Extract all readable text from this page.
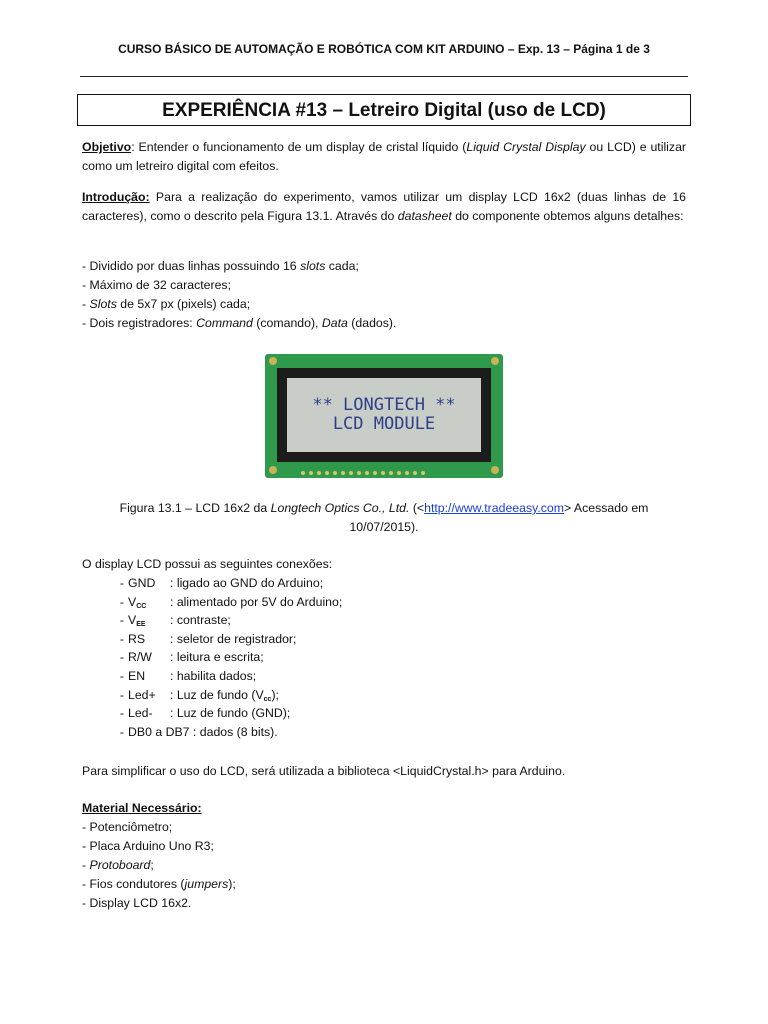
CURSO BÁSICO DE AUTOMAÇÃO E ROBÓTICA COM KIT ARDUINO – Exp. 13 – Página 1 de 3
EXPERIÊNCIA #13 – Letreiro Digital (uso de LCD)
Objetivo: Entender o funcionamento de um display de cristal líquido (Liquid Crystal Display ou LCD) e utilizar como um letreiro digital com efeitos.
Introdução: Para a realização do experimento, vamos utilizar um display LCD 16x2 (duas linhas de 16 caracteres), como o descrito pela Figura 13.1. Através do datasheet do componente obtemos alguns detalhes:
- Dividido por duas linhas possuindo 16 slots cada;
- Máximo de 32 caracteres;
- Slots de 5x7 px (pixels) cada;
- Dois registradores: Command (comando), Data (dados).
** LONGTECH **
LCD MODULE
Figura 13.1 – LCD 16x2 da Longtech Optics Co., Ltd. (<http://www.tradeeasy.com> Acessado em
10/07/2015).
O display LCD possui as seguintes conexões:
- GND	: ligado ao GND do Arduino;
- $V_{CC}$	: alimentado por 5V do Arduino;
- $V_{EE}$	: contraste;
- RS	: seletor de registrador;
- R/W	: leitura e escrita;
- EN	: habilita dados;
- Led+	: Luz de fundo $(V_{cc})$;
- Led-	: Luz de fundo (GND);
- DB0 a DB7 : dados (8 bits).
Para simplificar o uso do LCD, será utilizada a biblioteca <LiquidCrystal.h> para Arduino.
Material Necessário:
- Potenciômetro;
- Placa Arduino Uno R3;
- Protoboard;
- Fios condutores (jumpers);
- Display LCD 16x2.
